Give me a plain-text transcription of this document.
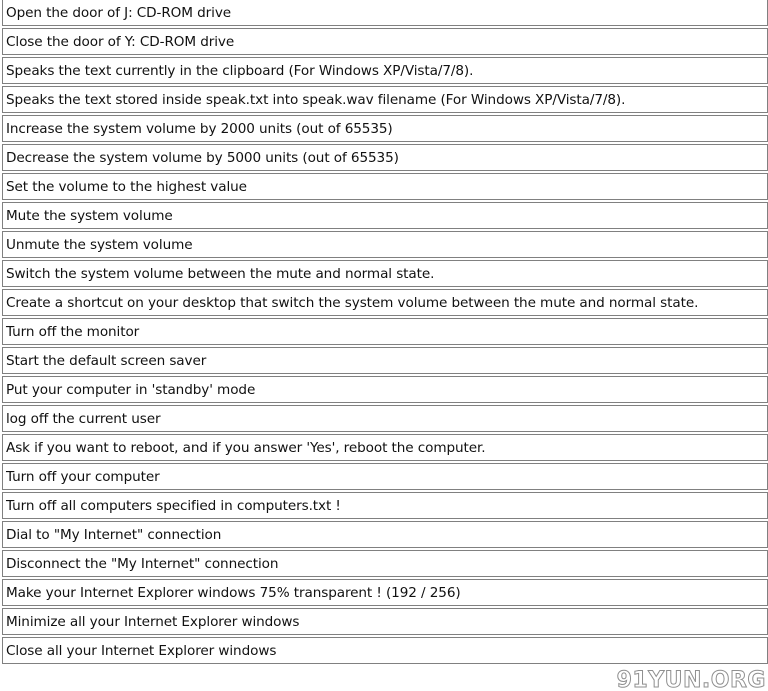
Open the door of J: CD-ROM drive
Close the door of Y: CD-ROM drive
Speaks the text currently in the clipboard (For Windows XP/Vista/7/8).
Speaks the text stored inside speak.txt into speak.wav filename (For Windows XP/Vista/7/8).
Increase the system volume by 2000 units (out of 65535)
Decrease the system volume by 5000 units (out of 65535)
Set the volume to the highest value
Mute the system volume
Unmute the system volume
Switch the system volume between the mute and normal state.
Create a shortcut on your desktop that switch the system volume between the mute and normal state.
Turn off the monitor
Start the default screen saver
Put your computer in 'standby' mode
log off the current user
Ask if you want to reboot, and if you answer 'Yes', reboot the computer.
Turn off your computer
Turn off all computers specified in computers.txt !
Dial to "My Internet" connection
Disconnect the "My Internet" connection
Make your Internet Explorer windows 75% transparent ! (192 / 256)
Minimize all your Internet Explorer windows
Close all your Internet Explorer windows
91YUN.ORG
